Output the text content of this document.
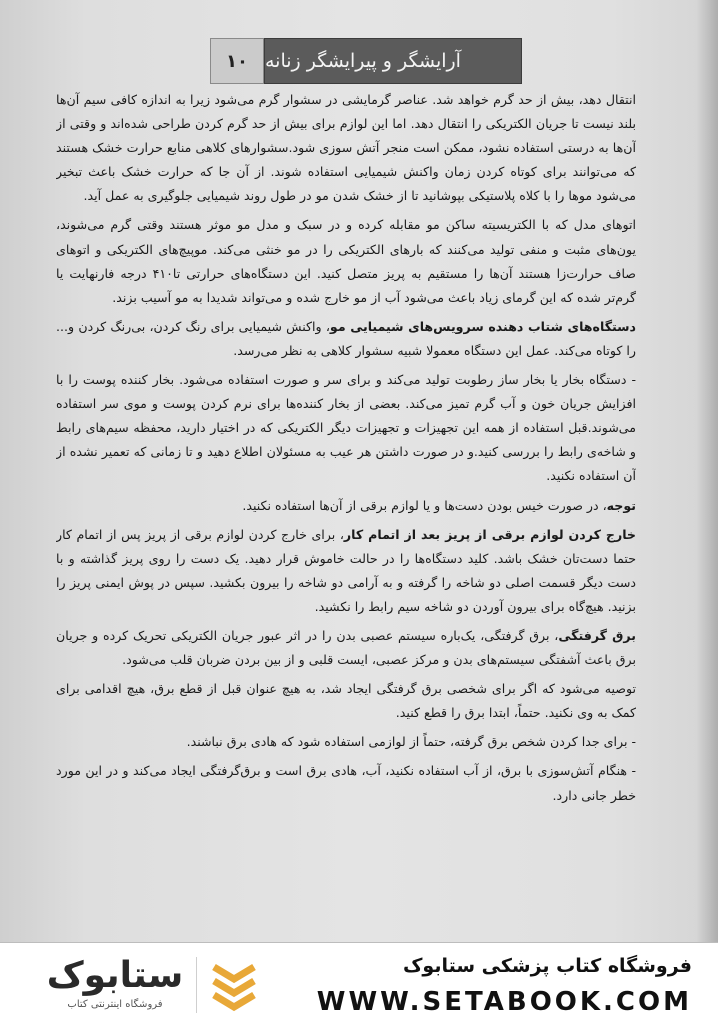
۱۰ آرایشگر و پیرایشگر زنانه

انتقال دهد، بیش از حد گرم خواهد شد. عناصر گرمایشی در سشوار گرم می‌شود زیرا به اندازه کافی سیم آن‌ها بلند نیست تا جریان الکتریکی را انتقال دهد. اما این لوازم برای بیش از حد گرم کردن طراحی شده‌اند و وقتی از آن‌ها به درستی استفاده نشود، ممکن است منجر آتش سوزی شود.سشوارهای کلاهی منابع حرارت خشک هستند که می‌توانند برای کوتاه کردن زمان واکنش شیمیایی استفاده شوند. از آن جا که حرارت خشک باعث تبخیر می‌شود موها را با کلاه پلاستیکی بپوشانید تا از خشک شدن مو در طول روند شیمیایی جلوگیری به عمل آید.

اتوهای مدل که با الکتریسیته ساکن مو مقابله کرده و در سبک و مدل مو موثر هستند وقتی گرم می‌شوند، یون‌های مثبت و منفی تولید می‌کنند که بارهای الکتریکی را در مو خنثی می‌کند. موپیچ‌های الکتریکی و اتوهای صاف حرارت‌زا هستند آن‌ها را مستقیم به پریز متصل کنید. این دستگاه‌های حرارتی تا۴۱۰ درجه فارنهایت یا گرم‌تر شده که این گرمای زیاد باعث می‌شود آب از مو خارج شده و می‌تواند شدیدا به مو آسیب بزند.

دستگاه‌های شتاب دهنده سرویس‌های شیمیایی مو، واکنش شیمیایی برای رنگ کردن، بی‌رنگ کردن و... را کوتاه می‌کند. عمل این دستگاه معمولا شبیه سشوار کلاهی به نظر می‌رسد.

- دستگاه بخار یا بخار ساز رطوبت تولید می‌کند و برای سر و صورت استفاده می‌شود. بخار کننده پوست را با افزایش جریان خون و آب گرم تمیز می‌کند. بعضی از بخار کننده‌ها برای نرم کردن پوست و موی سر استفاده می‌شوند.قبل استفاده از همه این تجهیزات و تجهیزات دیگر الکتریکی که در اختیار دارید، محفظه سیم‌های رابط و شاخه‌ی رابط را بررسی کنید.و در صورت داشتن هر عیب به مسئولان اطلاع دهید و تا زمانی که تعمیر نشده از آن استفاده نکنید.

توجه، در صورت خیس بودن دست‌ها و یا لوازم برقی از آن‌ها استفاده نکنید.

خارج کردن لوازم برقی از پریز بعد از اتمام کار، برای خارج کردن لوازم برقی از پریز پس از اتمام کار حتما دست‌تان خشک باشد. کلید دستگاه‌ها را در حالت خاموش قرار دهید. یک دست را روی پریز گذاشته و با دست دیگر قسمت اصلی دو شاخه را گرفته و به آرامی دو شاخه را بیرون بکشید. سپس در پوش ایمنی پریز را بزنید. هیچ‌گاه برای بیرون آوردن دو شاخه سیم رابط را نکشید.

برق گرفتگی، برق گرفتگی، یک‌باره سیستم عصبی بدن را در اثر عبور جریان الکتریکی تحریک کرده و جریان برق باعث آشفتگی سیستم‌های بدن و مرکز عصبی، ایست قلبی و از بین بردن ضربان قلب می‌شود.

توصیه می‌شود که اگر برای شخصی برق گرفتگی ایجاد شد، به هیچ عنوان قبل از قطع برق، هیچ اقدامی برای کمک به وی نکنید. حتماً، ابتدا برق را قطع کنید.

- برای جدا کردن شخص برق گرفته، حتماً از لوازمی استفاده شود که هادی برق نباشند.

- هنگام آتش‌سوزی با برق، از آب استفاده نکنید، آب، هادی برق است و برق‌گرفتگی ایجاد می‌کند و در این مورد خطر جانی دارد.

ستابوک
فروشگاه اینترنتی کتاب
فروشگاه کتاب پزشکی ستابوک
WWW.SETABOOK.COM
